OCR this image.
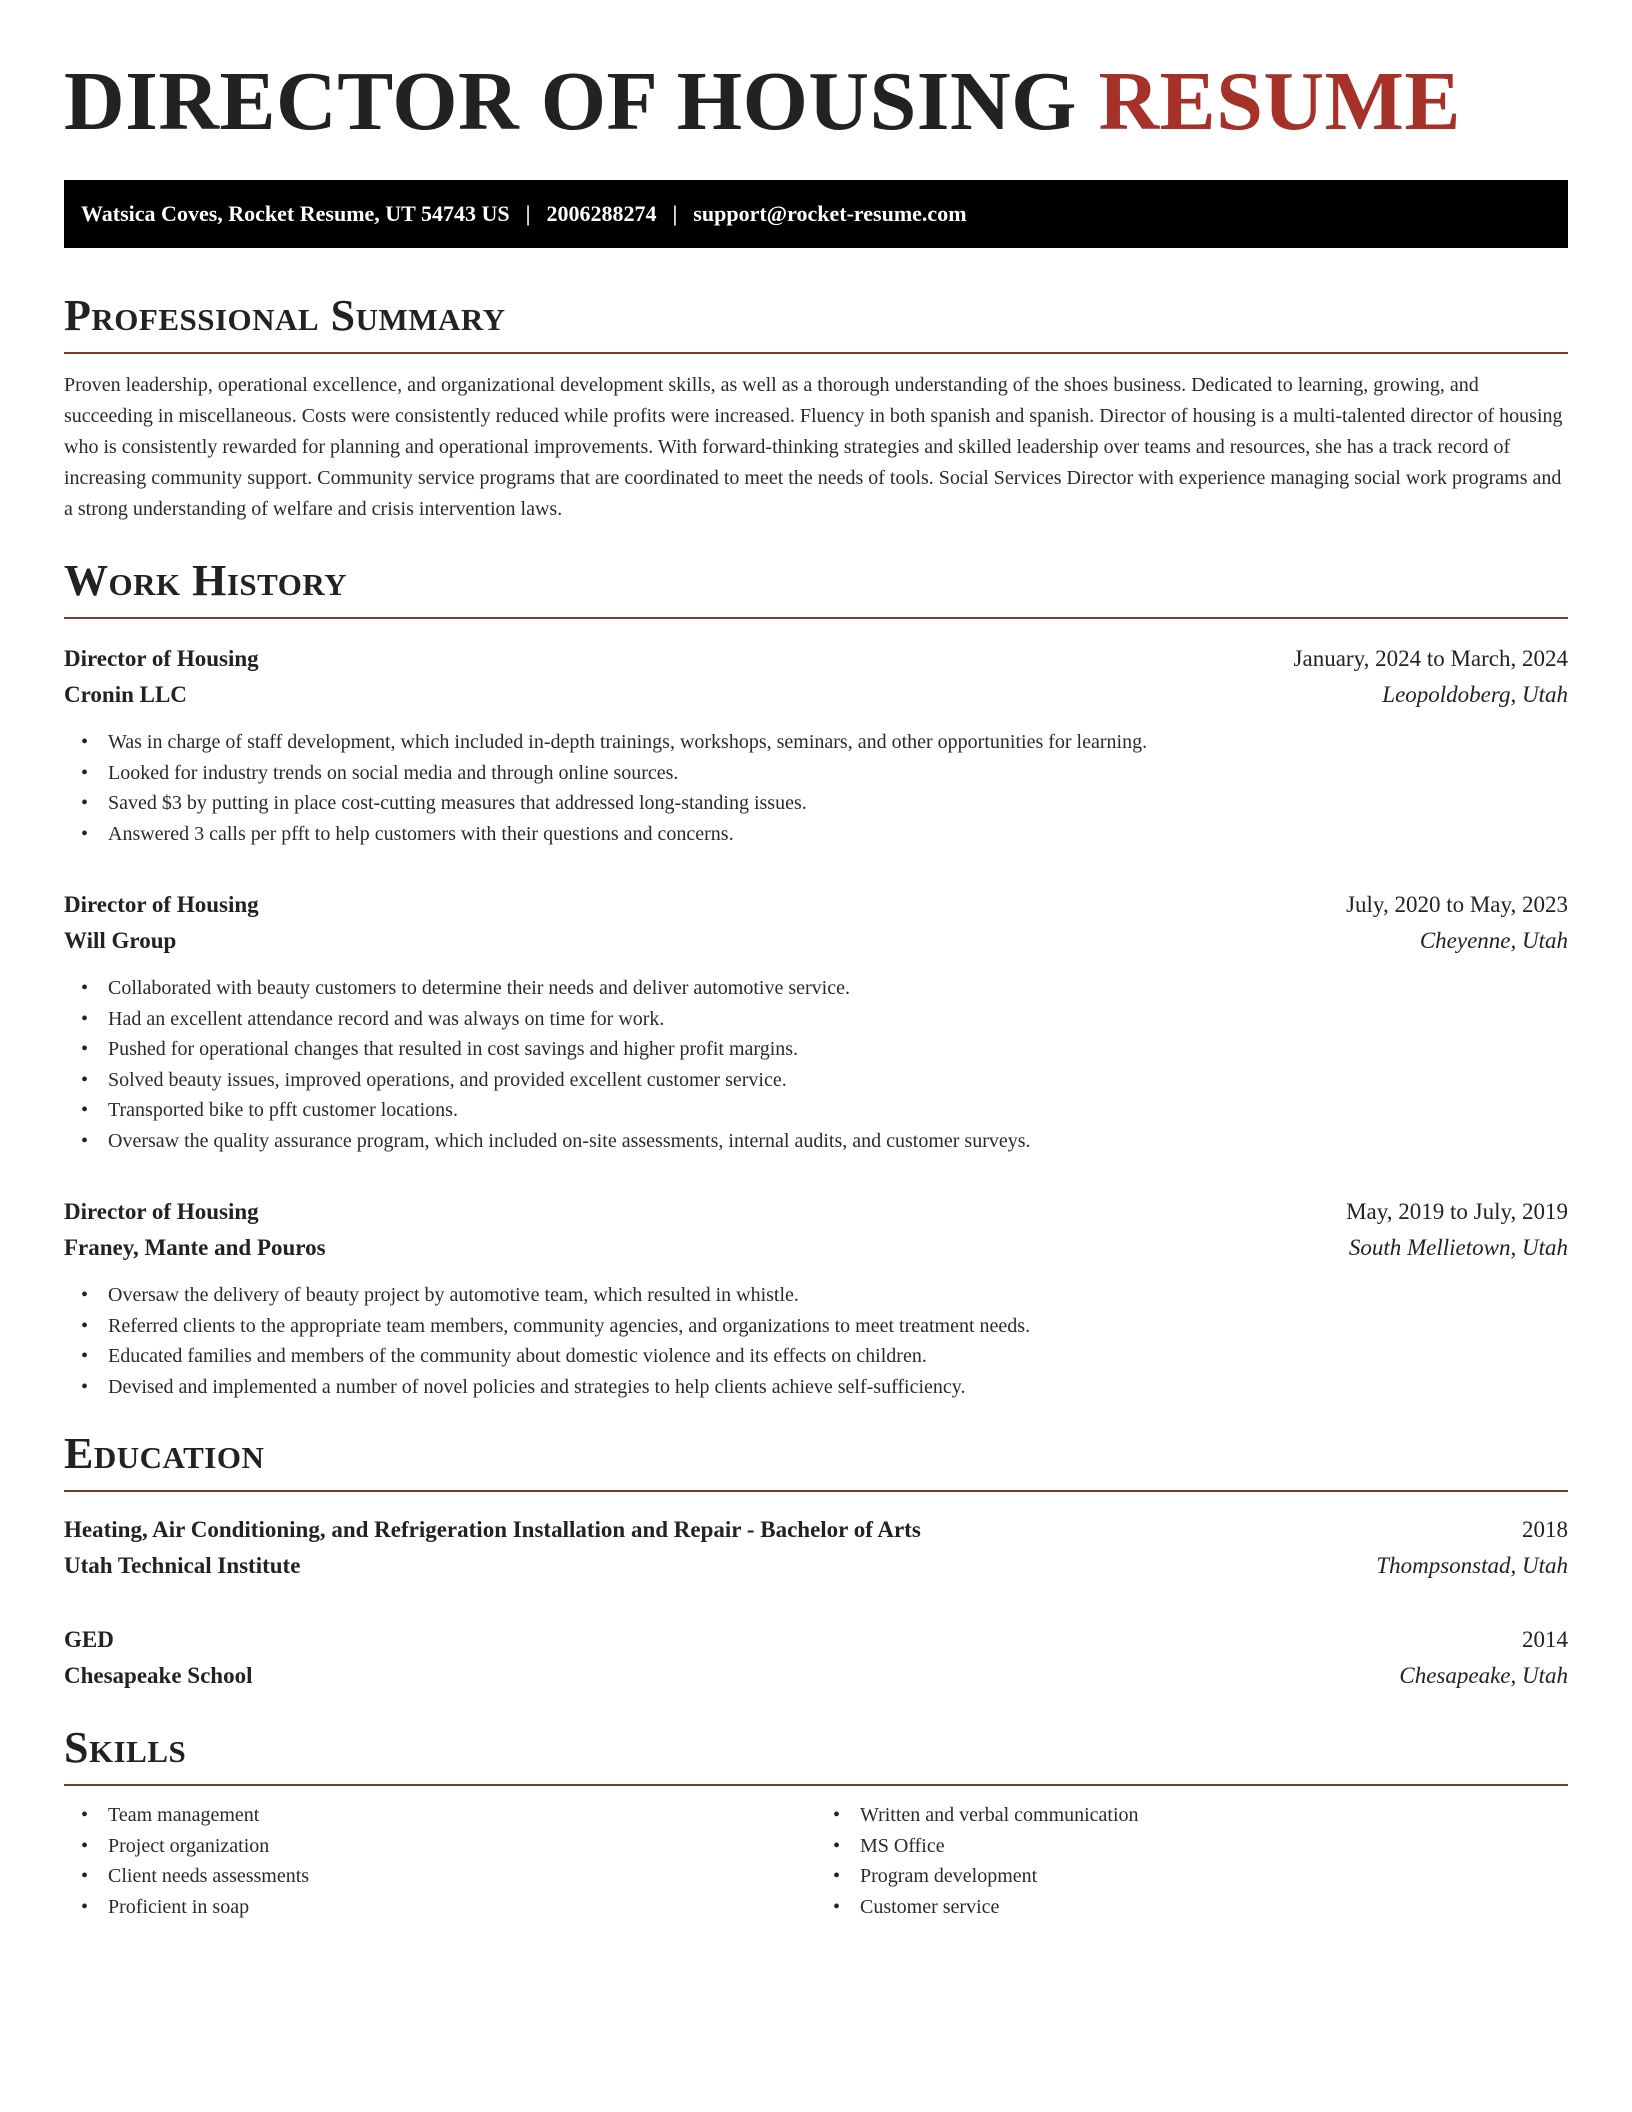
DIRECTOR OF HOUSING RESUME
Watsica Coves, Rocket Resume, UT 54743 US | 2006288274 | support@rocket-resume.com
Professional Summary

Proven leadership, operational excellence, and organizational development skills, as well as a thorough understanding of the shoes business. Dedicated to learning, growing, and succeeding in miscellaneous. Costs were consistently reduced while profits were increased. Fluency in both spanish and spanish. Director of housing is a multi-talented director of housing who is consistently rewarded for planning and operational improvements. With forward-thinking strategies and skilled leadership over teams and resources, she has a track record of increasing community support. Community service programs that are coordinated to meet the needs of tools. Social Services Director with experience managing social work programs and a strong understanding of welfare and crisis intervention laws.

Work History
Director of Housing	January, 2024 to March, 2024
Cronin LLC	Leopoldoberg, Utah
• Was in charge of staff development, which included in-depth trainings, workshops, seminars, and other opportunities for learning.
• Looked for industry trends on social media and through online sources.
• Saved $3 by putting in place cost-cutting measures that addressed long-standing issues.
• Answered 3 calls per pfft to help customers with their questions and concerns.
Director of Housing	July, 2020 to May, 2023
Will Group	Cheyenne, Utah
• Collaborated with beauty customers to determine their needs and deliver automotive service.
• Had an excellent attendance record and was always on time for work.
• Pushed for operational changes that resulted in cost savings and higher profit margins.
• Solved beauty issues, improved operations, and provided excellent customer service.
• Transported bike to pfft customer locations.
• Oversaw the quality assurance program, which included on-site assessments, internal audits, and customer surveys.
Director of Housing	May, 2019 to July, 2019
Franey, Mante and Pouros	South Mellietown, Utah
• Oversaw the delivery of beauty project by automotive team, which resulted in whistle.
• Referred clients to the appropriate team members, community agencies, and organizations to meet treatment needs.
• Educated families and members of the community about domestic violence and its effects on children.
• Devised and implemented a number of novel policies and strategies to help clients achieve self-sufficiency.
Education
Heating, Air Conditioning, and Refrigeration Installation and Repair - Bachelor of Arts	2018
Utah Technical Institute	Thompsonstad, Utah
GED	2014
Chesapeake School	Chesapeake, Utah
Skills
• Team management
• Project organization
• Client needs assessments
• Proficient in soap
• Written and verbal communication
• MS Office
• Program development
• Customer service
